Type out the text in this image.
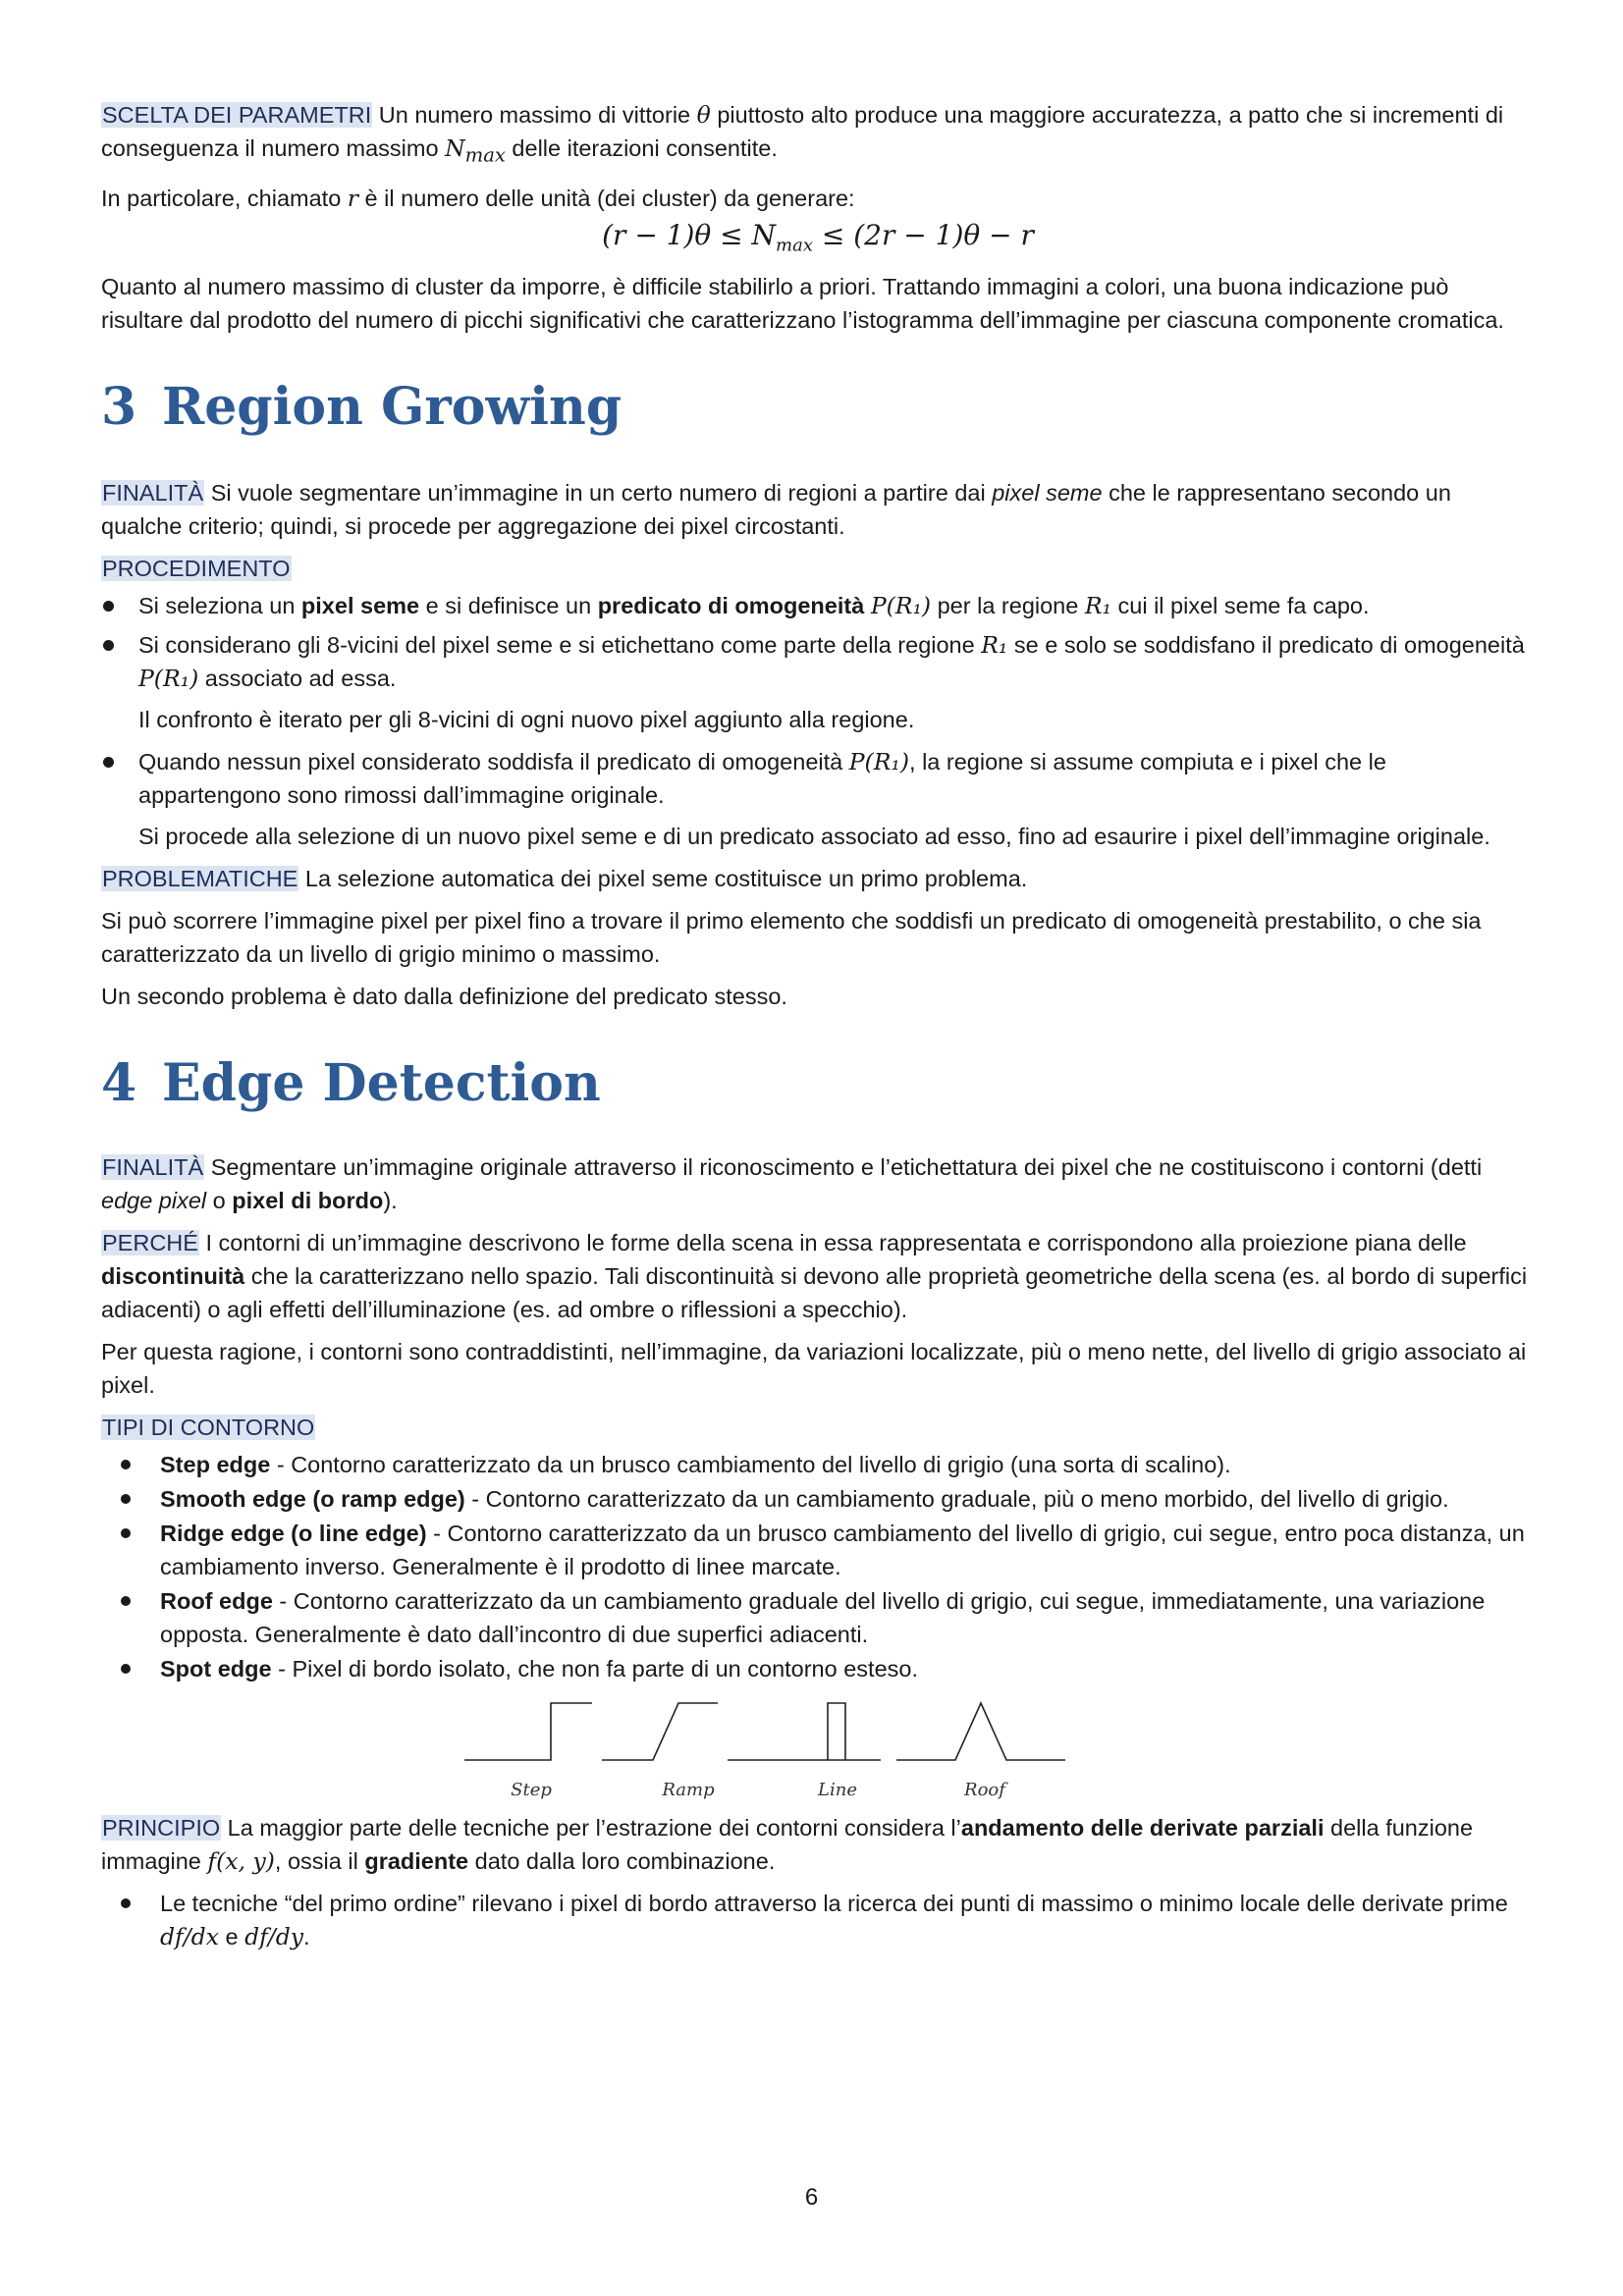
SCELTA DEI PARAMETRI Un numero massimo di vittorie θ piuttosto alto produce una maggiore accuratezza, a patto che si incrementi di conseguenza il numero massimo $N_{max}$ delle iterazioni consentite.

In particolare, chiamato r è il numero delle unità (dei cluster) da generare:

$(r - 1)\theta \le N_{max} \le (2r - 1)\theta - r$

Quanto al numero massimo di cluster da imporre, è difficile stabilirlo a priori. Trattando immagini a colori, una buona indicazione può risultare dal prodotto del numero di picchi significativi che caratterizzano l’istogramma dell’immagine per ciascuna componente cromatica.

3 Region Growing

FINALITÀ Si vuole segmentare un’immagine in un certo numero di regioni a partire dai pixel seme che le rappresentano secondo un qualche criterio; quindi, si procede per aggregazione dei pixel circostanti.

PROCEDIMENTO

Si seleziona un pixel seme e si definisce un predicato di omogeneità P(R₁) per la regione R₁ cui il pixel seme fa capo.
Si considerano gli 8-vicini del pixel seme e si etichettano come parte della regione R₁ se e solo se soddisfano il predicato di omogeneità P(R₁) associato ad essa.

Il confronto è iterato per gli 8-vicini di ogni nuovo pixel aggiunto alla regione.

Quando nessun pixel considerato soddisfa il predicato di omogeneità P(R₁), la regione si assume compiuta e i pixel che le appartengono sono rimossi dall’immagine originale.

Si procede alla selezione di un nuovo pixel seme e di un predicato associato ad esso, fino ad esaurire i pixel dell’immagine originale.

PROBLEMATICHE La selezione automatica dei pixel seme costituisce un primo problema.

Si può scorrere l’immagine pixel per pixel fino a trovare il primo elemento che soddisfi un predicato di omogeneità prestabilito, o che sia caratterizzato da un livello di grigio minimo o massimo.

Un secondo problema è dato dalla definizione del predicato stesso.

4 Edge Detection

FINALITÀ Segmentare un’immagine originale attraverso il riconoscimento e l’etichettatura dei pixel che ne costituiscono i contorni (detti edge pixel o pixel di bordo).

PERCHÉ I contorni di un’immagine descrivono le forme della scena in essa rappresentata e corrispondono alla proiezione piana delle discontinuità che la caratterizzano nello spazio. Tali discontinuità si devono alle proprietà geometriche della scena (es. al bordo di superfici adiacenti) o agli effetti dell’illuminazione (es. ad ombre o riflessioni a specchio).

Per questa ragione, i contorni sono contraddistinti, nell’immagine, da variazioni localizzate, più o meno nette, del livello di grigio associato ai pixel.

TIPI DI CONTORNO

Step edge - Contorno caratterizzato da un brusco cambiamento del livello di grigio (una sorta di scalino).
Smooth edge (o ramp edge) - Contorno caratterizzato da un cambiamento graduale, più o meno morbido, del livello di grigio.
Ridge edge (o line edge) - Contorno caratterizzato da un brusco cambiamento del livello di grigio, cui segue, entro poca distanza, un cambiamento inverso. Generalmente è il prodotto di linee marcate.
Roof edge - Contorno caratterizzato da un cambiamento graduale del livello di grigio, cui segue, immediatamente, una variazione opposta. Generalmente è dato dall’incontro di due superfici adiacenti.
Spot edge - Pixel di bordo isolato, che non fa parte di un contorno esteso.
Step	Ramp	Line	Roof

PRINCIPIO La maggior parte delle tecniche per l’estrazione dei contorni considera l’andamento delle derivate parziali della funzione immagine f(x, y), ossia il gradiente dato dalla loro combinazione.

Le tecniche “del primo ordine” rilevano i pixel di bordo attraverso la ricerca dei punti di massimo o minimo locale delle derivate prime df/dx e df/dy.
6
